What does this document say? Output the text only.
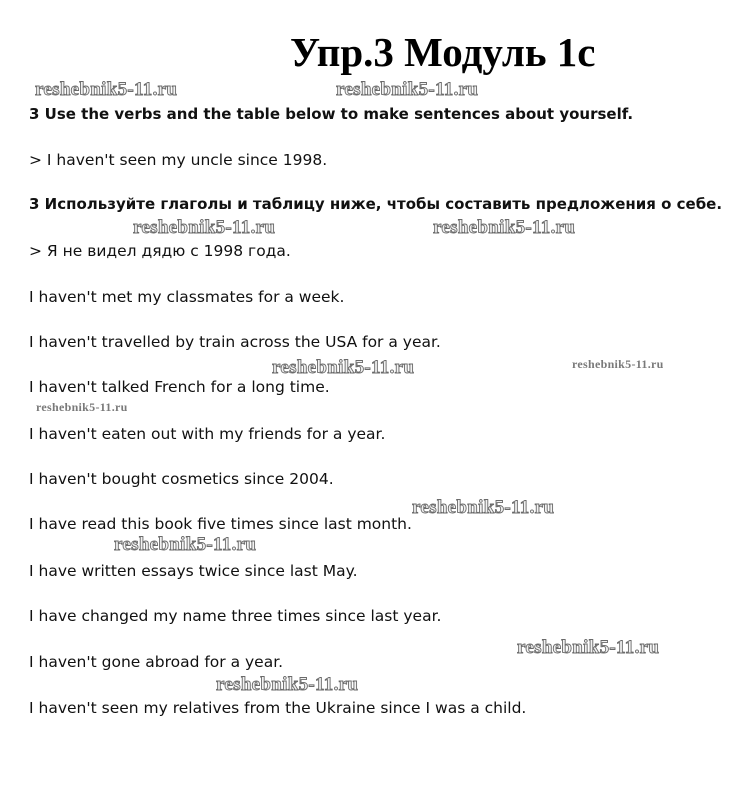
Упр.3 Модуль 1c
reshebnik5-11.ru	reshebnik5-11.ru
3 Use the verbs and the table below to make sentences about yourself.
> I haven't seen my uncle since 1998.
3 Используйте глаголы и таблицу ниже, чтобы составить предложения о себе.
reshebnik5-11.ru	reshebnik5-11.ru
> Я не видел дядю с 1998 года.
I haven't met my classmates for a week.
I haven't travelled by train across the USA for a year.
reshebnik5-11.ru	reshebnik5-11.ru
I haven't talked French for a long time.
reshebnik5-11.ru
I haven't eaten out with my friends for a year.
I haven't bought cosmetics since 2004.
reshebnik5-11.ru
I have read this book five times since last month.
reshebnik5-11.ru
I have written essays twice since last May.
I have changed my name three times since last year.
reshebnik5-11.ru
I haven't gone abroad for a year.
reshebnik5-11.ru
I haven't seen my relatives from the Ukraine since I was a child.
